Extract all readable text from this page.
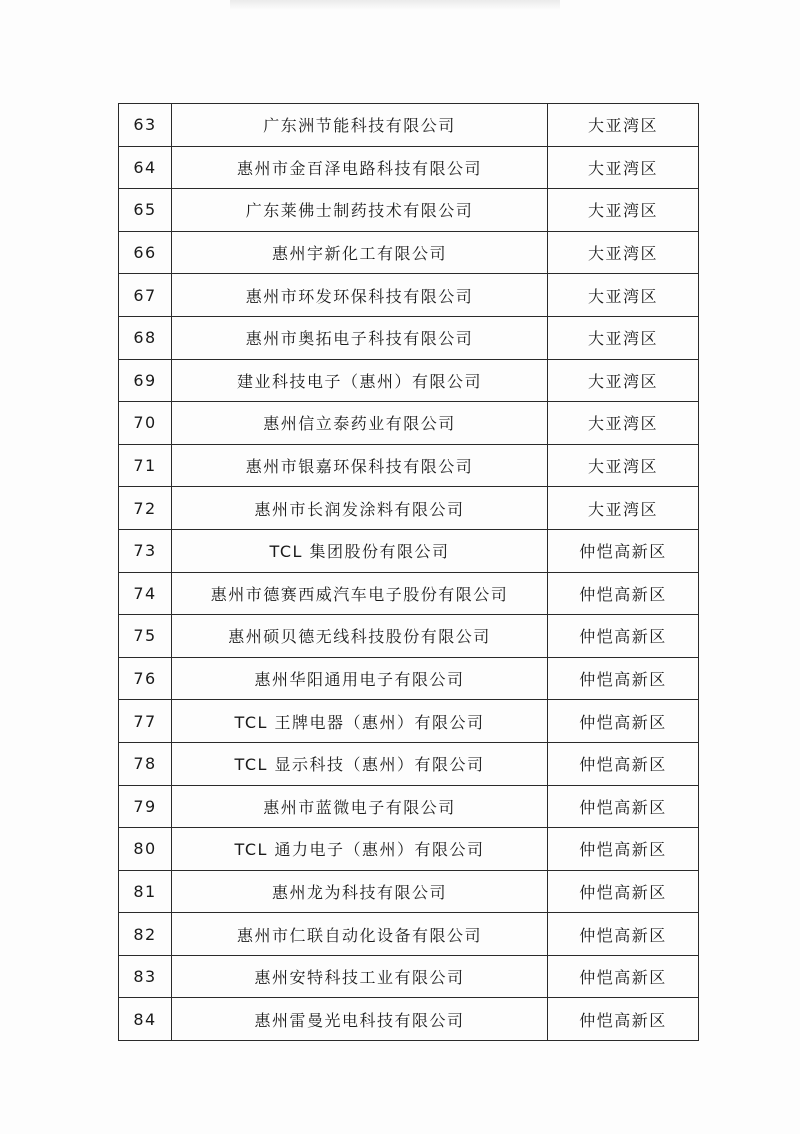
63	广东洲节能科技有限公司	大亚湾区
64	惠州市金百泽电路科技有限公司	大亚湾区
65	广东莱佛士制药技术有限公司	大亚湾区
66	惠州宇新化工有限公司	大亚湾区
67	惠州市环发环保科技有限公司	大亚湾区
68	惠州市奥拓电子科技有限公司	大亚湾区
69	建业科技电子（惠州）有限公司	大亚湾区
70	惠州信立泰药业有限公司	大亚湾区
71	惠州市银嘉环保科技有限公司	大亚湾区
72	惠州市长润发涂料有限公司	大亚湾区
73	TCL 集团股份有限公司	仲恺高新区
74	惠州市德赛西威汽车电子股份有限公司	仲恺高新区
75	惠州硕贝德无线科技股份有限公司	仲恺高新区
76	惠州华阳通用电子有限公司	仲恺高新区
77	TCL 王牌电器（惠州）有限公司	仲恺高新区
78	TCL 显示科技（惠州）有限公司	仲恺高新区
79	惠州市蓝微电子有限公司	仲恺高新区
80	TCL 通力电子（惠州）有限公司	仲恺高新区
81	惠州龙为科技有限公司	仲恺高新区
82	惠州市仁联自动化设备有限公司	仲恺高新区
83	惠州安特科技工业有限公司	仲恺高新区
84	惠州雷曼光电科技有限公司	仲恺高新区
